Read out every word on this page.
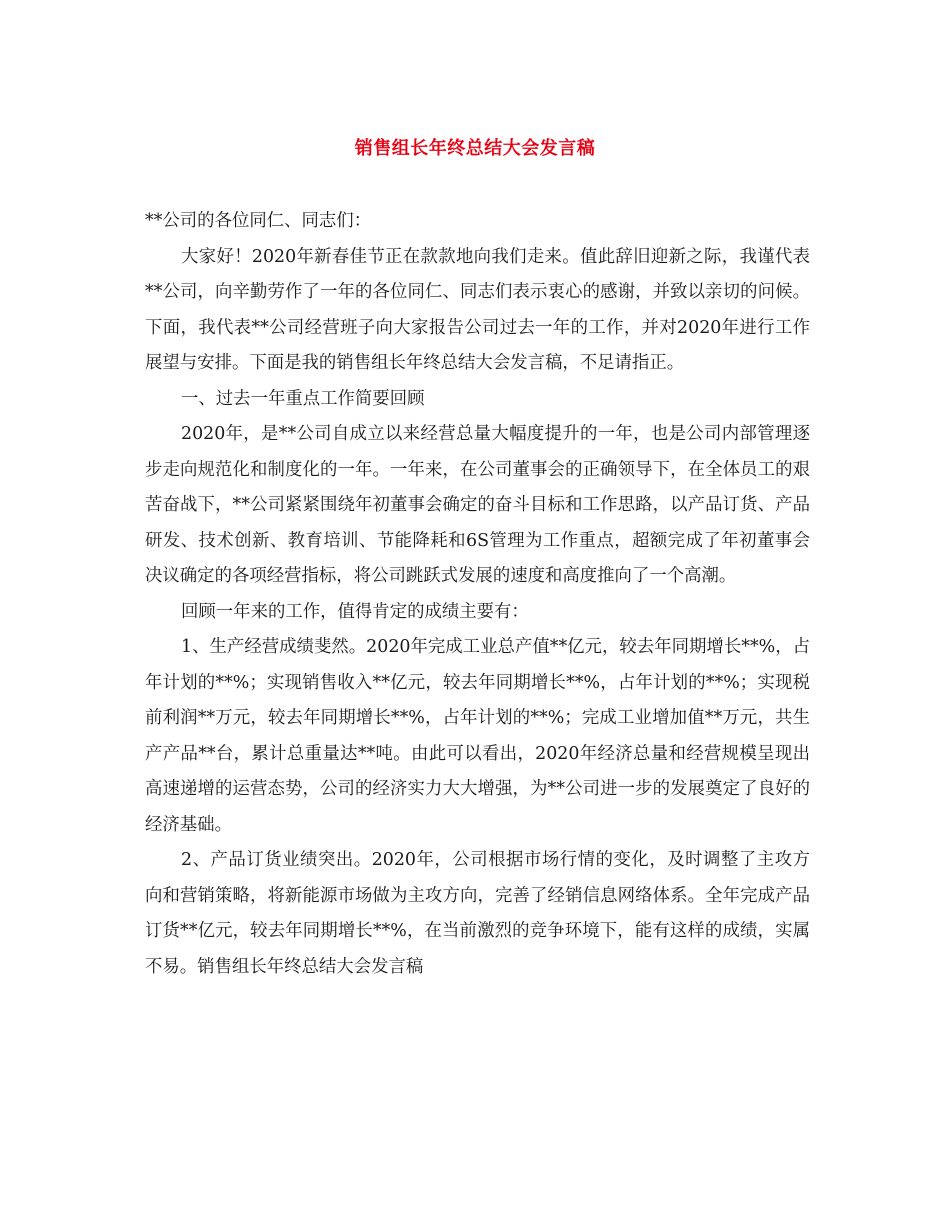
销售组长年终总结大会发言稿

**公司的各位同仁、同志们：

大家好！2020年新春佳节正在款款地向我们走来。值此辞旧迎新之际，我谨代表**公司，向辛勤劳作了一年的各位同仁、同志们表示衷心的感谢，并致以亲切的问候。 下面，我代表**公司经营班子向大家报告公司过去一年的工作，并对2020年进行工作展望与安排。下面是我的销售组长年终总结大会发言稿，不足请指正。

一、过去一年重点工作简要回顾

2020年，是**公司自成立以来经营总量大幅度提升的一年，也是公司内部管理逐步走向规范化和制度化的一年。一年来，在公司董事会的正确领导下，在全体员工的艰苦奋战下，**公司紧紧围绕年初董事会确定的奋斗目标和工作思路，以产品订货、产品研发、技术创新、教育培训、节能降耗和6S管理为工作重点，超额完成了年初董事会决议确定的各项经营指标，将公司跳跃式发展的速度和高度推向了一个高潮。

回顾一年来的工作，值得肯定的成绩主要有：

1、生产经营成绩斐然。2020年完成工业总产值**亿元，较去年同期增长**%，占年计划的**%；实现销售收入**亿元，较去年同期增长**%，占年计划的**%；实现税前利润**万元，较去年同期增长**%，占年计划的**%；完成工业增加值**万元，共生产产品**台，累计总重量达**吨。由此可以看出，2020年经济总量和经营规模呈现出高速递增的运营态势，公司的经济实力大大增强，为**公司进一步的发展奠定了良好的经济基础。

2、产品订货业绩突出。2020年，公司根据市场行情的变化，及时调整了主攻方向和营销策略，将新能源市场做为主攻方向，完善了经销信息网络体系。全年完成产品订货**亿元，较去年同期增长**%，在当前激烈的竞争环境下，能有这样的成绩，实属不易。销售组长年终总结大会发言稿
